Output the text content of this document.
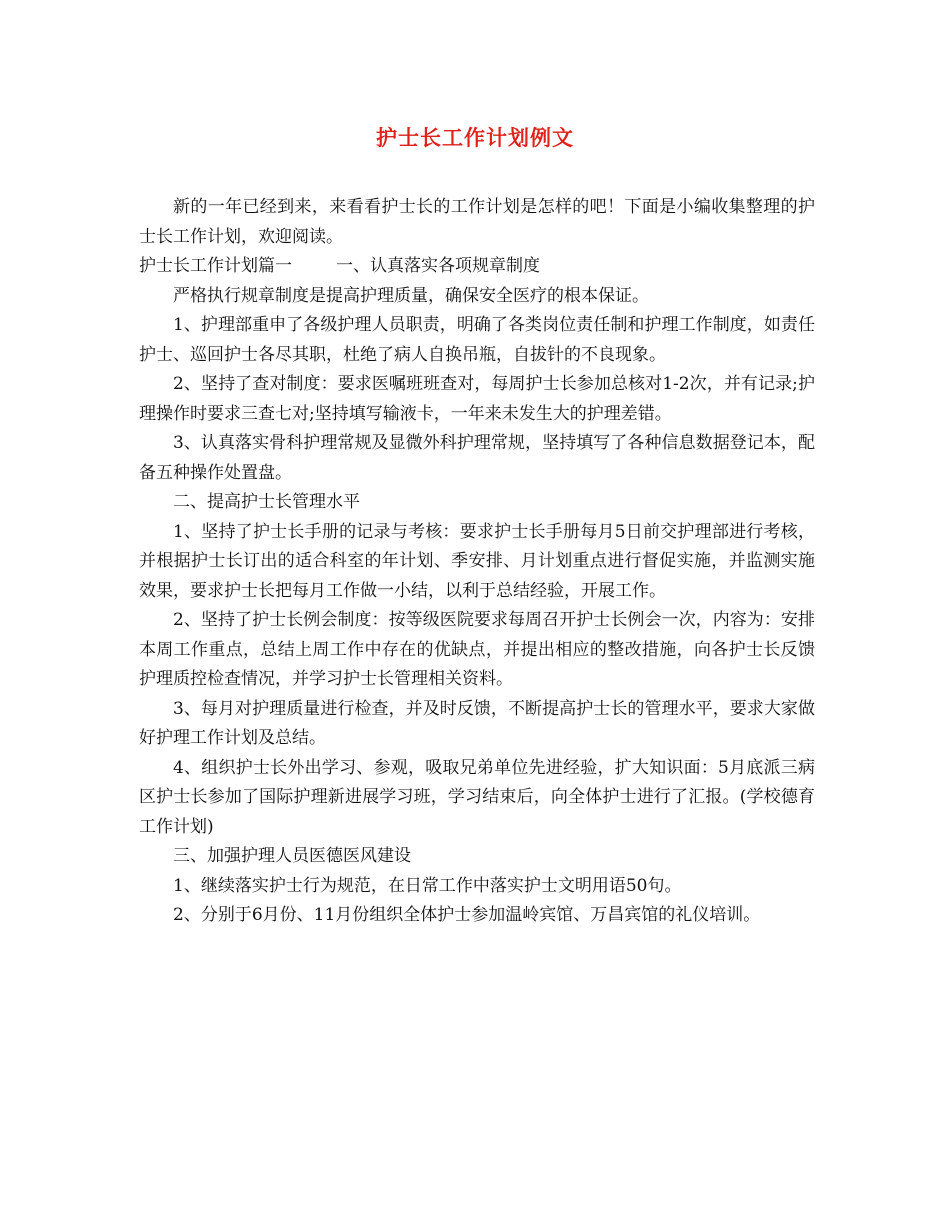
护士长工作计划例文

新的一年已经到来，来看看护士长的工作计划是怎样的吧！下面是小编收集整理的护士长工作计划，欢迎阅读。

护士长工作计划篇一	一、认真落实各项规章制度

严格执行规章制度是提高护理质量，确保安全医疗的根本保证。

1、护理部重申了各级护理人员职责，明确了各类岗位责任制和护理工作制度，如责任护士、巡回护士各尽其职，杜绝了病人自换吊瓶，自拔针的不良现象。

2、坚持了查对制度：要求医嘱班班查对，每周护士长参加总核对1-2次，并有记录;护理操作时要求三查七对;坚持填写输液卡，一年来未发生大的护理差错。

3、认真落实骨科护理常规及显微外科护理常规，坚持填写了各种信息数据登记本，配备五种操作处置盘。

二、提高护士长管理水平

1、坚持了护士长手册的记录与考核：要求护士长手册每月5日前交护理部进行考核，并根据护士长订出的适合科室的年计划、季安排、月计划重点进行督促实施，并监测实施效果，要求护士长把每月工作做一小结，以利于总结经验，开展工作。

2、坚持了护士长例会制度：按等级医院要求每周召开护士长例会一次，内容为：安排本周工作重点，总结上周工作中存在的优缺点，并提出相应的整改措施，向各护士长反馈护理质控检查情况，并学习护士长管理相关资料。

3、每月对护理质量进行检查，并及时反馈，不断提高护士长的管理水平，要求大家做好护理工作计划及总结。

4、组织护士长外出学习、参观，吸取兄弟单位先进经验，扩大知识面：5月底派三病区护士长参加了国际护理新进展学习班，学习结束后，向全体护士进行了汇报。(学校德育工作计划)

三、加强护理人员医德医风建设

1、继续落实护士行为规范，在日常工作中落实护士文明用语50句。

2、分别于6月份、11月份组织全体护士参加温岭宾馆、万昌宾馆的礼仪培训。
